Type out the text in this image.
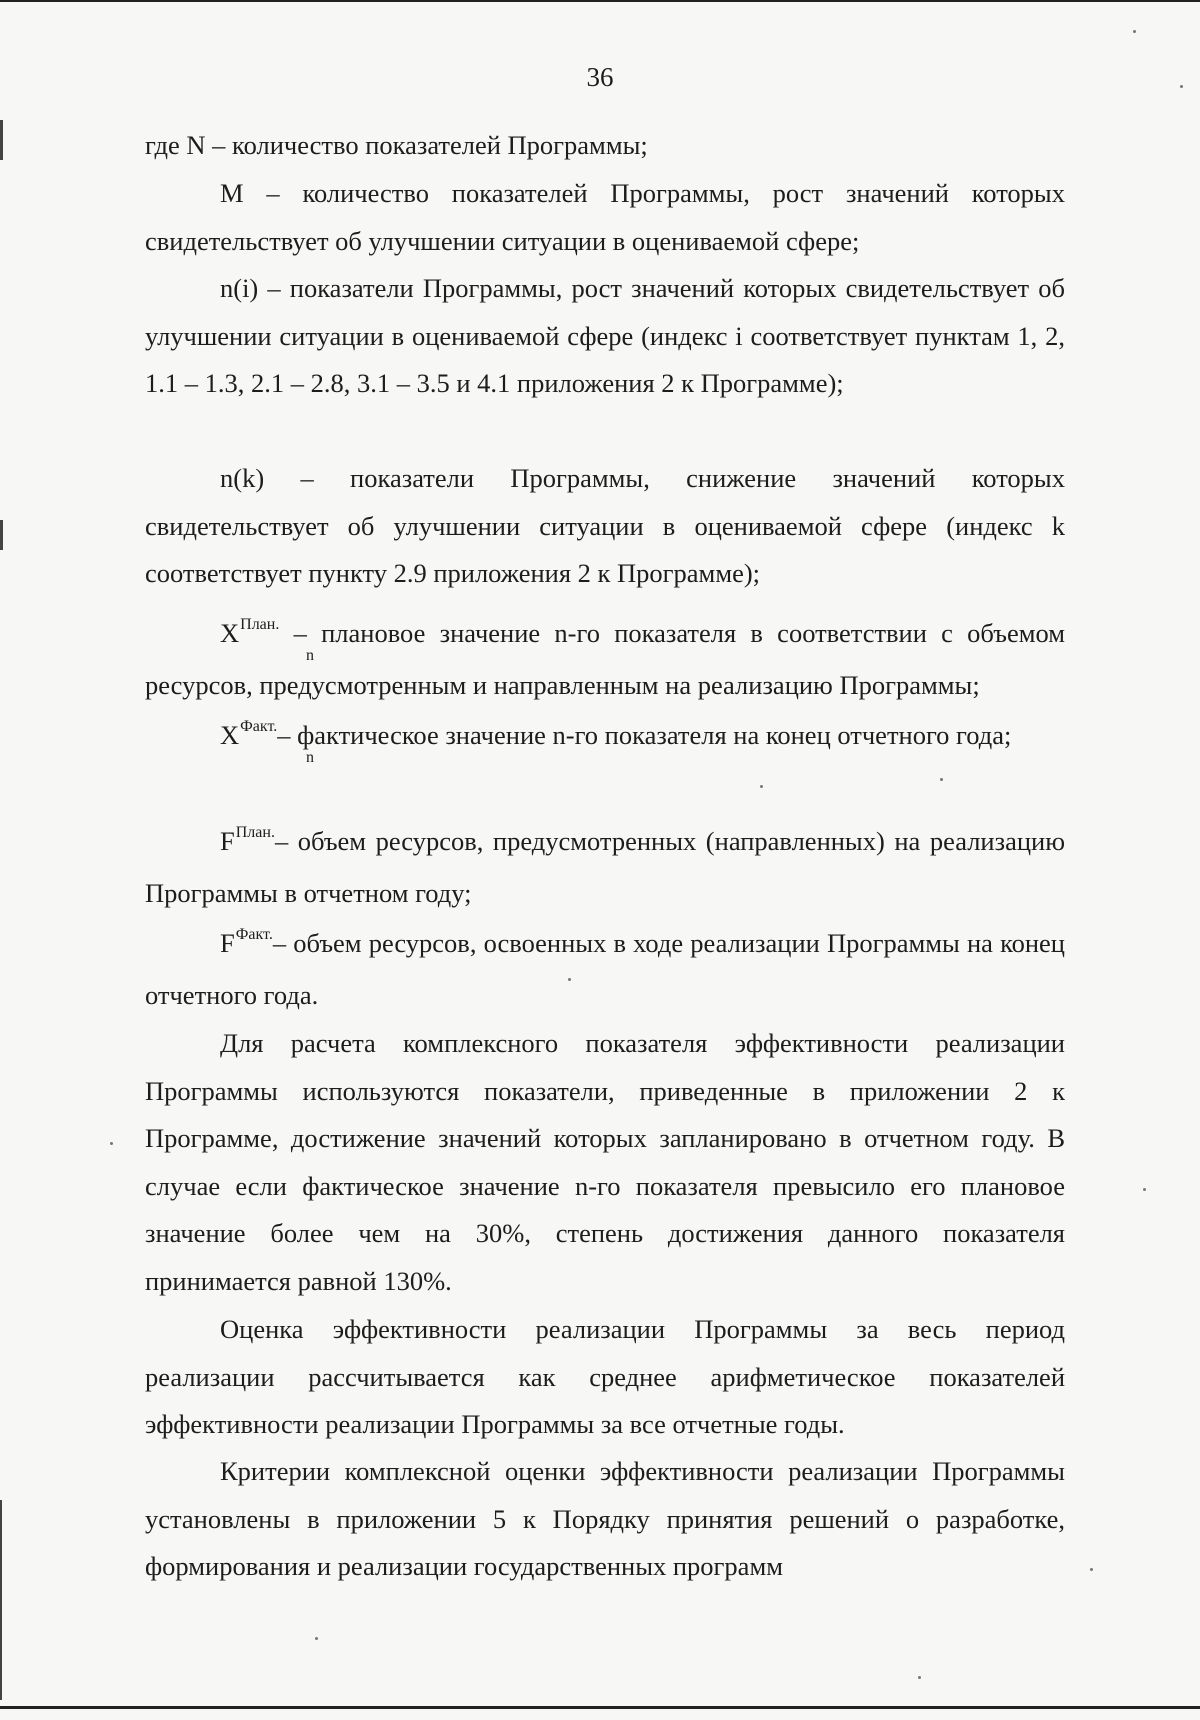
36

где N – количество показателей Программы;

M – количество показателей Программы, рост значений которых свидетельствует об улучшении ситуации в оцениваемой сфере;

n(i) – показатели Программы, рост значений которых свидетельствует об улучшении ситуации в оцениваемой сфере (индекс i соответствует пунктам 1, 2, 1.1 – 1.3, 2.1 – 2.8, 3.1 – 3.5 и 4.1 приложения 2 к Программе);

n(k) – показатели Программы, снижение значений которых свидетельствует об улучшении ситуации в оцениваемой сфере (индекс k соответствует пункту 2.9 приложения 2 к Программе);

X
n
$^{План.}$ – плановое значение n-го показателя в соответствии с объемом ресурсов, предусмотренным и направленным на реализацию Программы;

X
n
$^{Факт.}$– фактическое значение n-го показателя на конец отчетного года;

$F^{План.}-$ объем ресурсов, предусмотренных (направленных) на реализацию Программы в отчетном году;

$F^{Факт.}-$ объем ресурсов, освоенных в ходе реализации Программы на конец отчетного года.

Для расчета комплексного показателя эффективности реализации Программы используются показатели, приведенные в приложении 2 к Программе, достижение значений которых запланировано в отчетном году. В случае если фактическое значение n-го показателя превысило его плановое значение более чем на 30%, степень достижения данного показателя принимается равной 130%.

Оценка эффективности реализации Программы за весь период реализации рассчитывается как среднее арифметическое показателей эффективности реализации Программы за все отчетные годы.

Критерии комплексной оценки эффективности реализации Программы установлены в приложении 5 к Порядку принятия решений о разработке, формирования и реализации государственных программ
